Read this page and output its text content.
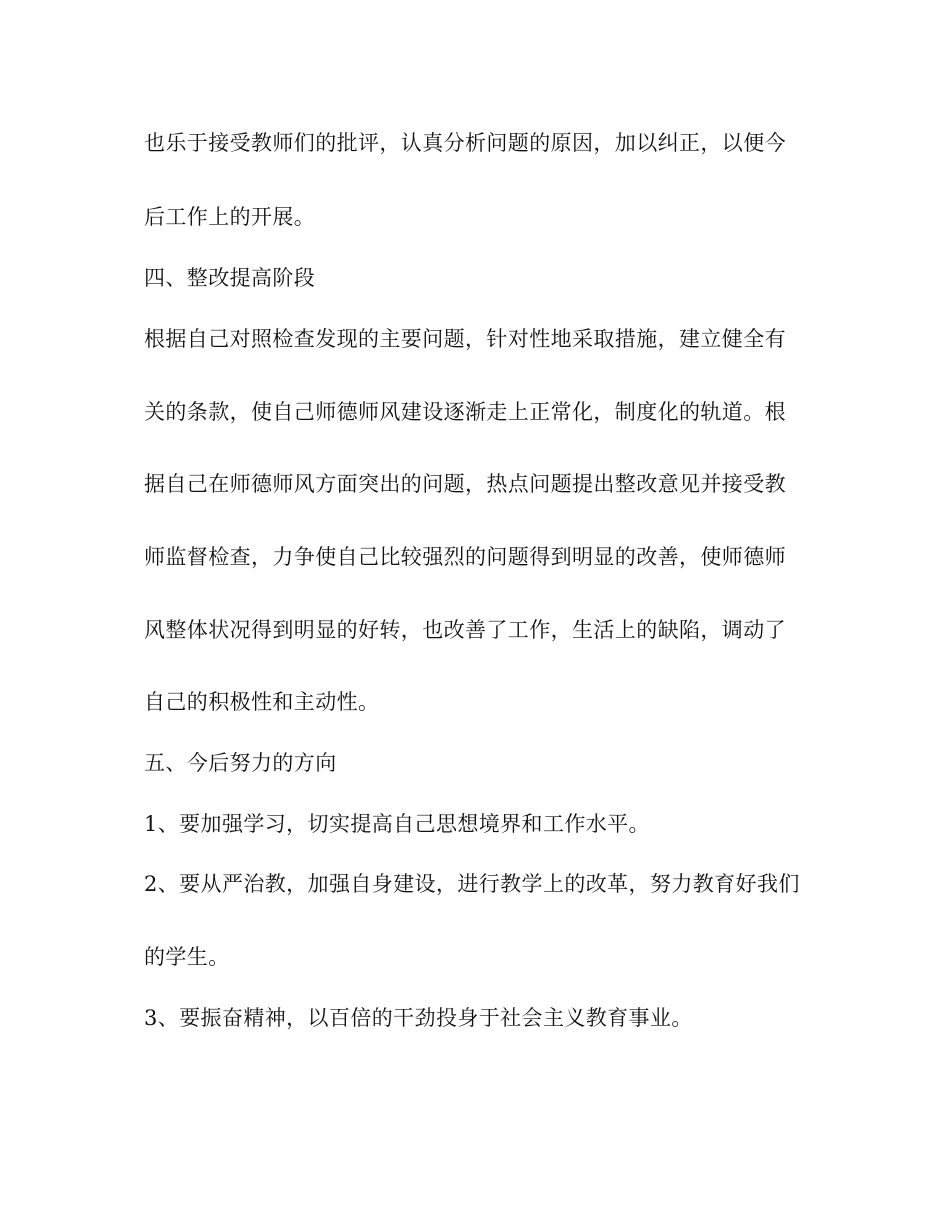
也乐于接受教师们的批评，认真分析问题的原因，加以纠正，以便今
后工作上的开展。
四、整改提高阶段
根据自己对照检查发现的主要问题，针对性地采取措施，建立健全有
关的条款，使自己师德师风建设逐渐走上正常化，制度化的轨道。根
据自己在师德师风方面突出的问题，热点问题提出整改意见并接受教
师监督检查，力争使自己比较强烈的问题得到明显的改善，使师德师
风整体状况得到明显的好转，也改善了工作，生活上的缺陷，调动了
自己的积极性和主动性。
五、今后努力的方向
1、要加强学习，切实提高自己思想境界和工作水平。
2、要从严治教，加强自身建设，进行教学上的改革，努力教育好我们
的学生。
3、要振奋精神，以百倍的干劲投身于社会主义教育事业。
